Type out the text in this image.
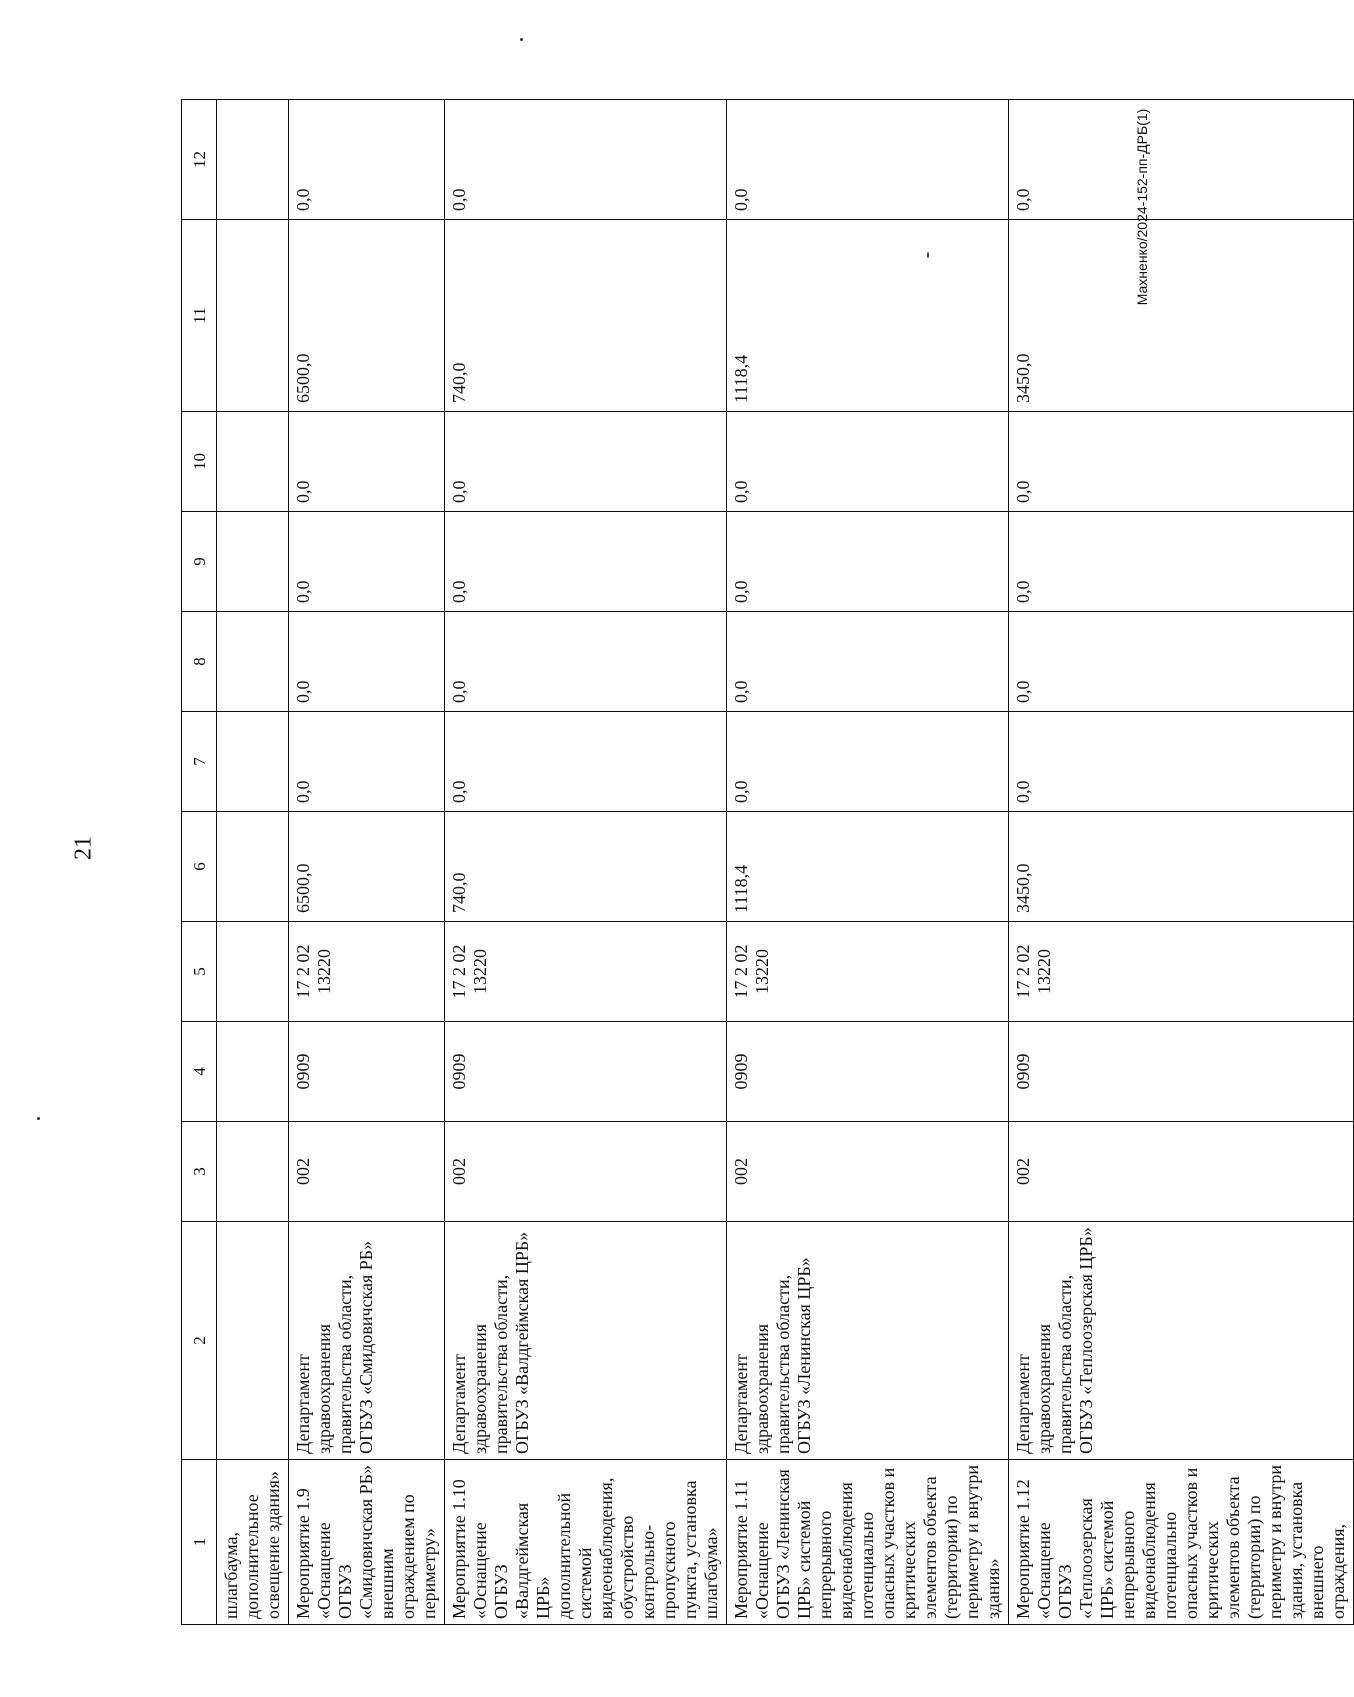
21
Махненко/2024-152-пп-ДРБ(1)
1	2	3	4	5	6	7	8	9	10	11	12
шлагбаума, дополнительное освещение здания»											
Мероприятие 1.9 «Оснащение ОГБУЗ «Смидовичская РБ» внешним ограждением по периметру»	Департамент здравоохранения правительства области, ОГБУЗ «Смидовичская РБ»	002	0909	17 2 02 13220	6500,0	0,0	0,0	0,0	0,0	6500,0	0,0
Мероприятие 1.10 «Оснащение ОГБУЗ «Валдгеймская ЦРБ» дополнительной системой видеонаблюдения, обустройство контрольно-пропускного пункта, установка шлагбаума»	Департамент здравоохранения правительства области, ОГБУЗ «Валдгеймская ЦРБ»	002	0909	17 2 02 13220	740,0	0,0	0,0	0,0	0,0	740,0	0,0
Мероприятие 1.11 «Оснащение ОГБУЗ «Ленинская ЦРБ» системой непрерывного видеонаблюдения потенциально опасных участков и критических элементов объекта (территории) по периметру и внутри здания»	Департамент здравоохранения правительства области, ОГБУЗ «Ленинская ЦРБ»	002	0909	17 2 02 13220	1118,4	0,0	0,0	0,0	0,0	1118,4	0,0
Мероприятие 1.12 «Оснащение ОГБУЗ «Теплоозерская ЦРБ» системой непрерывного видеонаблюдения потенциально опасных участков и критических элементов объекта (территории) по периметру и внутри здания, установка внешнего ограждения,	Департамент здравоохранения правительства области, ОГБУЗ «Теплоозерская ЦРБ»	002	0909	17 2 02 13220	3450,0	0,0	0,0	0,0	0,0	3450,0	0,0
